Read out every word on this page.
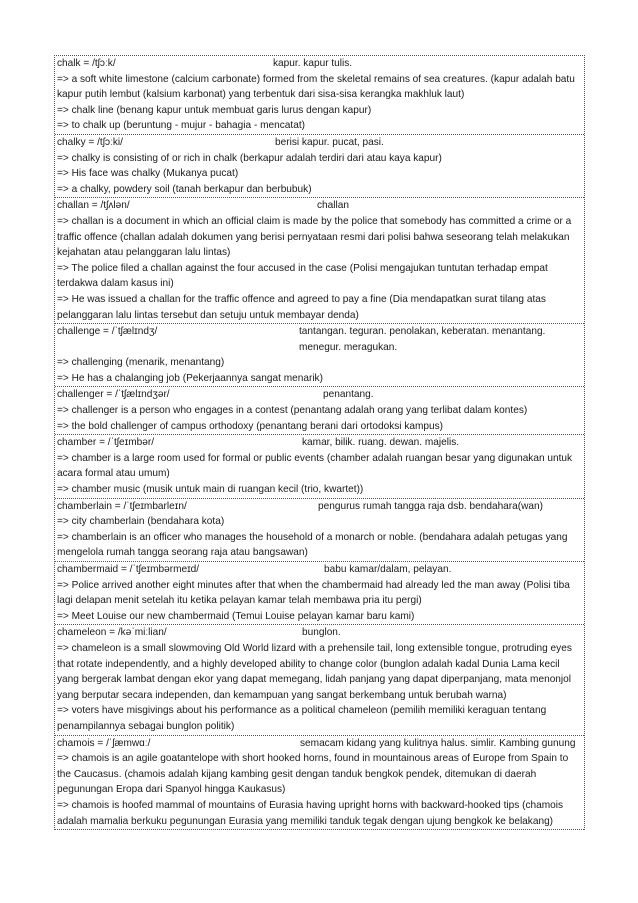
chalk = /tʃɔːk/	kapur. kapur tulis.
=> a soft white limestone (calcium carbonate) formed from the skeletal remains of sea creatures. (kapur adalah batu kapur putih lembut (kalsium karbonat) yang terbentuk dari sisa-sisa kerangka makhluk laut)
=> chalk line (benang kapur untuk membuat garis lurus dengan kapur)
=> to chalk up (beruntung - mujur - bahagia - mencatat)
chalky = /tʃɔːki/	berisi kapur. pucat, pasi.
=> chalky is consisting of or rich in chalk (berkapur adalah terdiri dari atau kaya kapur)
=> His face was chalky (Mukanya pucat)
=> a chalky, powdery soil (tanah berkapur dan berbubuk)
challan = /tʃʌlən/	challan
=> challan is a document in which an official claim is made by the police that somebody has committed a crime or a traffic offence (challan adalah dokumen yang berisi pernyataan resmi dari polisi bahwa seseorang telah melakukan kejahatan atau pelanggaran lalu lintas)
=> The police filed a challan against the four accused in the case (Polisi mengajukan tuntutan terhadap empat terdakwa dalam kasus ini)
=> He was issued a challan for the traffic offence and agreed to pay a fine (Dia mendapatkan surat tilang atas pelanggaran lalu lintas tersebut dan setuju untuk membayar denda)
challenge = /ˈtʃælɪndʒ/	tantangan. teguran. penolakan, keberatan. menantang. menegur. meragukan.
=> challenging (menarik, menantang)
=> He has a chalanging job (Pekerjaannya sangat menarik)
challenger = /ˈtʃælɪndʒər/	penantang.
=> challenger is a person who engages in a contest (penantang adalah orang yang terlibat dalam kontes)
=> the bold challenger of campus orthodoxy (penantang berani dari ortodoksi kampus)
chamber = /ˈtʃeɪmbər/	kamar, bilik. ruang. dewan. majelis.
=> chamber is a large room used for formal or public events (chamber adalah ruangan besar yang digunakan untuk acara formal atau umum)
=> chamber music (musik untuk main di ruangan kecil (trio, kwartet))
chamberlain = /ˈtʃeɪmbarleɪn/	pengurus rumah tangga raja dsb. bendahara(wan)
=> city chamberlain (bendahara kota)
=> chamberlain is an officer who manages the household of a monarch or noble. (bendahara adalah petugas yang mengelola rumah tangga seorang raja atau bangsawan)
chambermaid = /ˈtʃeɪmbərmeɪd/	babu kamar/dalam, pelayan.
=> Police arrived another eight minutes after that when the chambermaid had already led the man away (Polisi tiba lagi delapan menit setelah itu ketika pelayan kamar telah membawa pria itu pergi)
=> Meet Louise our new chambermaid (Temui Louise pelayan kamar baru kami)
chameleon = /kəˈmiːlian/	bunglon.
=> chameleon is a small slowmoving Old World lizard with a prehensile tail, long extensible tongue, protruding eyes that rotate independently, and a highly developed ability to change color (bunglon adalah kadal Dunia Lama kecil yang bergerak lambat dengan ekor yang dapat memegang, lidah panjang yang dapat diperpanjang, mata menonjol yang berputar secara independen, dan kemampuan yang sangat berkembang untuk berubah warna)
=> voters have misgivings about his performance as a political chameleon (pemilih memiliki keraguan tentang penampilannya sebagai bunglon politik)
chamois = /ˈʃæmwɑː/	semacam kidang yang kulitnya halus. simlir. Kambing gunung
=> chamois is an agile goatantelope with short hooked horns, found in mountainous areas of Europe from Spain to the Caucasus. (chamois adalah kijang kambing gesit dengan tanduk bengkok pendek, ditemukan di daerah pegunungan Eropa dari Spanyol hingga Kaukasus)
=> chamois is hoofed mammal of mountains of Eurasia having upright horns with backward-hooked tips (chamois adalah mamalia berkuku pegunungan Eurasia yang memiliki tanduk tegak dengan ujung bengkok ke belakang)
